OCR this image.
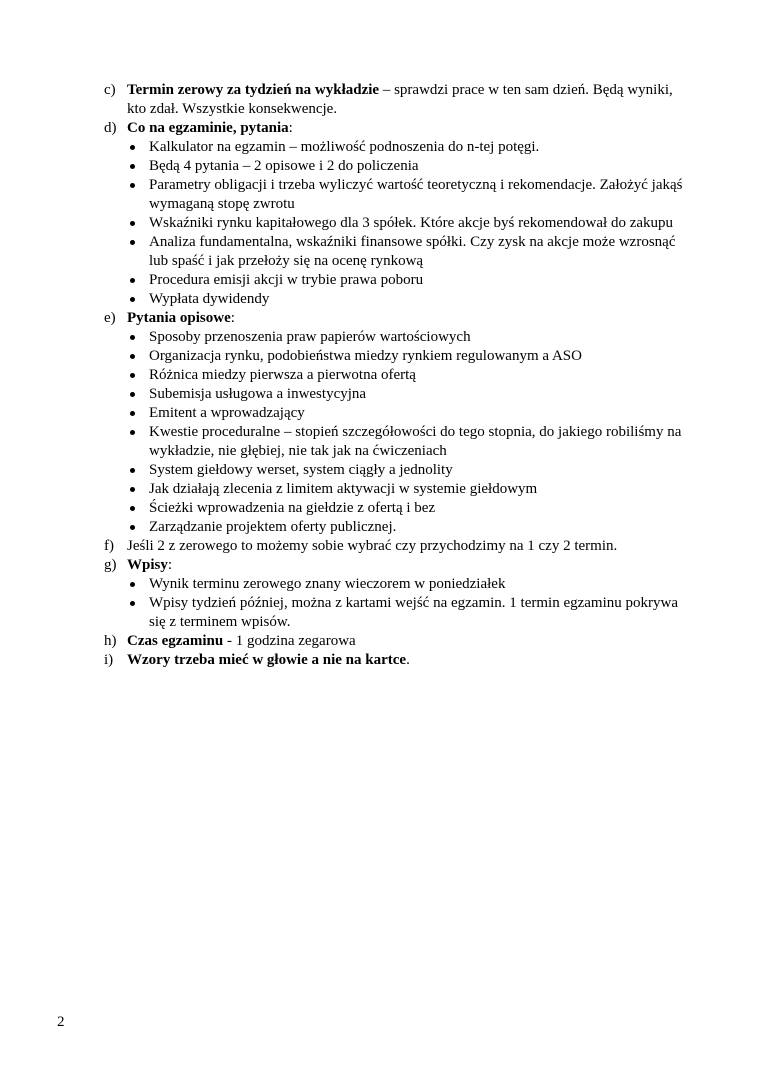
c) Termin zerowy za tydzień na wykładzie – sprawdzi prace w ten sam dzień. Będą wyniki, kto zdał. Wszystkie konsekwencje.

d) Co na egzaminie, pytania:

Kalkulator na egzamin – możliwość podnoszenia do n-tej potęgi.
Będą 4 pytania – 2 opisowe i 2 do policzenia
Parametry obligacji i trzeba wyliczyć wartość teoretyczną i rekomendacje. Założyć jakąś wymaganą stopę zwrotu
Wskaźniki rynku kapitałowego dla 3 spółek. Które akcje byś rekomendował do zakupu
Analiza fundamentalna, wskaźniki finansowe spółki. Czy zysk na akcje może wzrosnąć lub spaść i jak przełoży się na ocenę rynkową
Procedura emisji akcji w trybie prawa poboru
Wypłata dywidendy

e) Pytania opisowe:

Sposoby przenoszenia praw papierów wartościowych
Organizacja rynku, podobieństwa miedzy rynkiem regulowanym a ASO
Różnica miedzy pierwsza a pierwotna ofertą
Subemisja usługowa a inwestycyjna
Emitent a wprowadzający
Kwestie proceduralne – stopień szczegółowości do tego stopnia, do jakiego robiliśmy na wykładzie, nie głębiej, nie tak jak na ćwiczeniach
System giełdowy werset, system ciągły a jednolity
Jak działają zlecenia z limitem aktywacji w systemie giełdowym
Ścieżki wprowadzenia na giełdzie z ofertą i bez
Zarządzanie projektem oferty publicznej.

f) Jeśli 2 z zerowego to możemy sobie wybrać czy przychodzimy na 1 czy 2 termin.

g) Wpisy:

Wynik terminu zerowego znany wieczorem w poniedziałek
Wpisy tydzień później, można z kartami wejść na egzamin. 1 termin egzaminu pokrywa się z terminem wpisów.

h) Czas egzaminu - 1 godzina zegarowa

i) Wzory trzeba mieć w głowie a nie na kartce.

2
